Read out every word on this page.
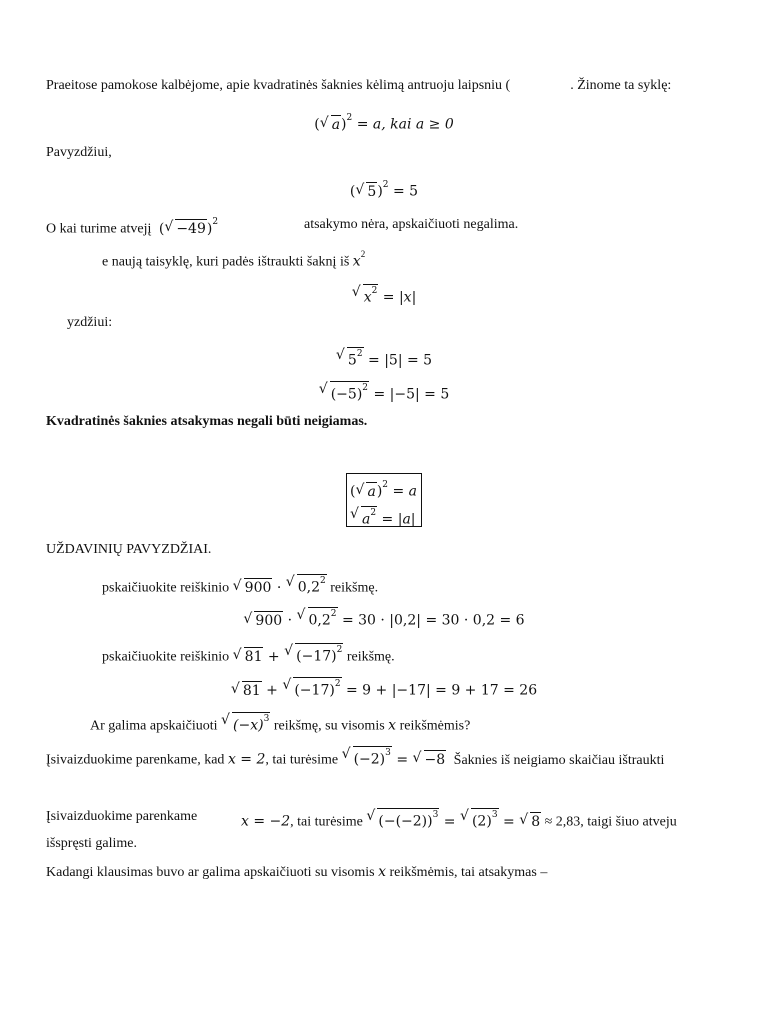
Praeitose pamokose kalbėjome, apie kvadratinės šaknies kėlimą antruoju laipsniu (	. Žinome ta syklę:
( √ a)$^2$ = a, kai a ≥ 0
Pavyzdžiui,
( √ 5)$^2$ = 5
O kai turime atvejį ( √ −49)$^2$	atsakymo nėra, apskaičiuoti negalima.
e naują taisyklę, kuri padės ištraukti šaknį iš $x^2$
√ $x^2 = |x|$
yzdžiui:
√ $5^2 = |5| = 5$
√ $(-5)^2 = |-5| = 5$
Kvadratinės šaknies atsakymas negali būti neigiamas.
( √ a)$^2$ = a
√ $a^2 = |a|$
UŽDAVINIŲ PAVYZDŽIAI.
pskaičiuokite reiškinio √ 900 · √ $0,2^2$ reikšmę.
√ 900 · √ $0,2^2 = 30 \cdot |0,2| = 30 \cdot 0,2 = 6$
pskaičiuokite reiškinio √ 81 + √ $(-17)^2$ reikšmę.
√ 81 + √ $(-17)^2 = 9 + |-17| = 9 + 17 = 26$
Ar galima apskaičiuoti √ $(-x)^3$ reikšmę, su visomis x reikšmėmis?
Įsivaizduokime parenkame, kad x = 2, tai turėsime √ $(-2)^3$ = √ −8 Šaknies iš neigiamo skaičiau ištraukti
Įsivaizduokime parenkame	x = −2, tai turėsime √ $(-(-2))^3$ = √ $(2)^3$ = √ 8 ≈ 2,83, taigi šiuo atveju
išspręsti galime.
Kadangi klausimas buvo ar galima apskaičiuoti su visomis x reikšmėmis, tai atsakymas –
